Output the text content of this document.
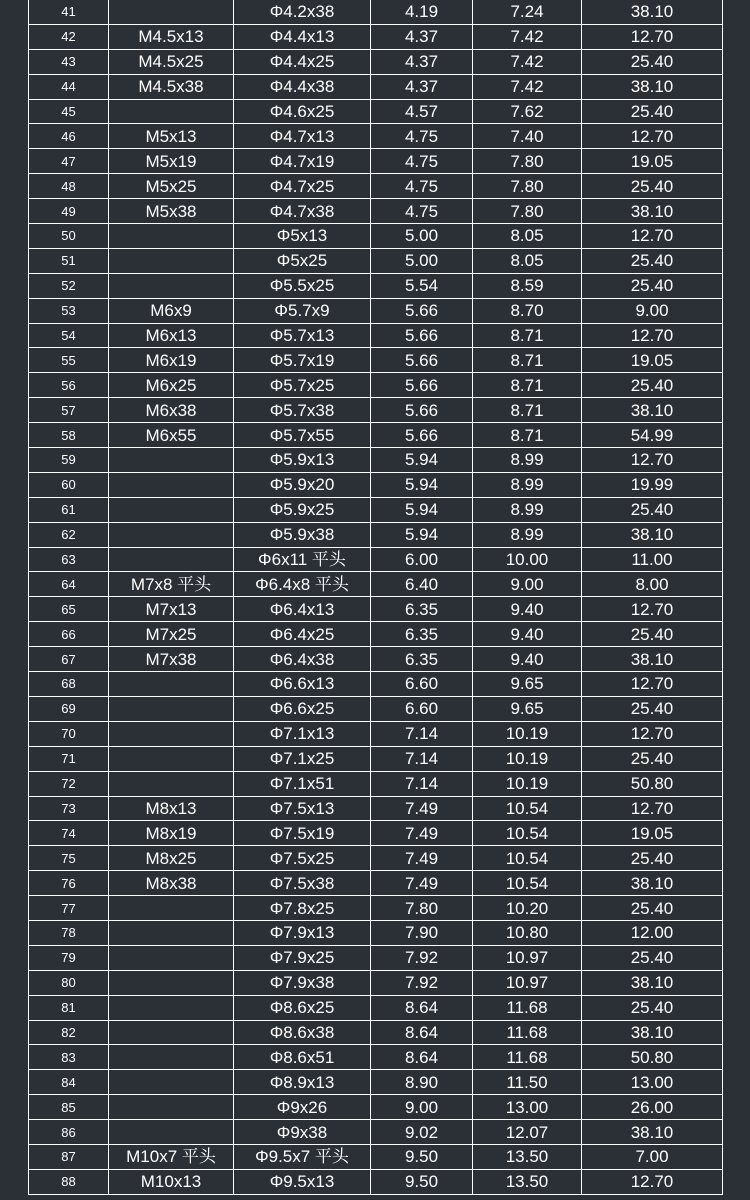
41		Φ4.2x38	4.19	7.24	38.10
42	M4.5x13	Φ4.4x13	4.37	7.42	12.70
43	M4.5x25	Φ4.4x25	4.37	7.42	25.40
44	M4.5x38	Φ4.4x38	4.37	7.42	38.10
45		Φ4.6x25	4.57	7.62	25.40
46	M5x13	Φ4.7x13	4.75	7.40	12.70
47	M5x19	Φ4.7x19	4.75	7.80	19.05
48	M5x25	Φ4.7x25	4.75	7.80	25.40
49	M5x38	Φ4.7x38	4.75	7.80	38.10
50		Φ5x13	5.00	8.05	12.70
51		Φ5x25	5.00	8.05	25.40
52		Φ5.5x25	5.54	8.59	25.40
53	M6x9	Φ5.7x9	5.66	8.70	9.00
54	M6x13	Φ5.7x13	5.66	8.71	12.70
55	M6x19	Φ5.7x19	5.66	8.71	19.05
56	M6x25	Φ5.7x25	5.66	8.71	25.40
57	M6x38	Φ5.7x38	5.66	8.71	38.10
58	M6x55	Φ5.7x55	5.66	8.71	54.99
59		Φ5.9x13	5.94	8.99	12.70
60		Φ5.9x20	5.94	8.99	19.99
61		Φ5.9x25	5.94	8.99	25.40
62		Φ5.9x38	5.94	8.99	38.10
63		Φ6x11 平头	6.00	10.00	11.00
64	M7x8 平头	Φ6.4x8 平头	6.40	9.00	8.00
65	M7x13	Φ6.4x13	6.35	9.40	12.70
66	M7x25	Φ6.4x25	6.35	9.40	25.40
67	M7x38	Φ6.4x38	6.35	9.40	38.10
68		Φ6.6x13	6.60	9.65	12.70
69		Φ6.6x25	6.60	9.65	25.40
70		Φ7.1x13	7.14	10.19	12.70
71		Φ7.1x25	7.14	10.19	25.40
72		Φ7.1x51	7.14	10.19	50.80
73	M8x13	Φ7.5x13	7.49	10.54	12.70
74	M8x19	Φ7.5x19	7.49	10.54	19.05
75	M8x25	Φ7.5x25	7.49	10.54	25.40
76	M8x38	Φ7.5x38	7.49	10.54	38.10
77		Φ7.8x25	7.80	10.20	25.40
78		Φ7.9x13	7.90	10.80	12.00
79		Φ7.9x25	7.92	10.97	25.40
80		Φ7.9x38	7.92	10.97	38.10
81		Φ8.6x25	8.64	11.68	25.40
82		Φ8.6x38	8.64	11.68	38.10
83		Φ8.6x51	8.64	11.68	50.80
84		Φ8.9x13	8.90	11.50	13.00
85		Φ9x26	9.00	13.00	26.00
86		Φ9x38	9.02	12.07	38.10
87	M10x7 平头	Φ9.5x7 平头	9.50	13.50	7.00
88	M10x13	Φ9.5x13	9.50	13.50	12.70
